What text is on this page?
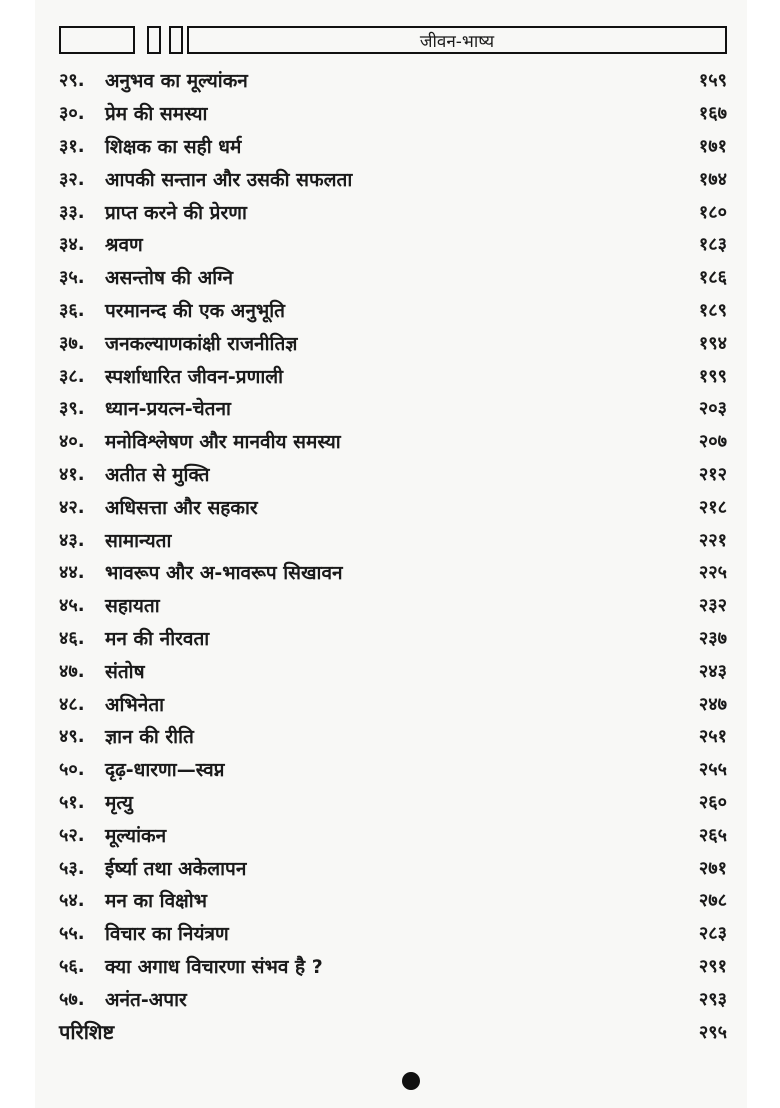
जीवन-भाष्य
२९.	अनुभव का मूल्यांकन	१५९
३०.	प्रेम की समस्या	१६७
३१.	शिक्षक का सही धर्म	१७१
३२.	आपकी सन्तान और उसकी सफलता	१७४
३३.	प्राप्त करने की प्रेरणा	१८०
३४.	श्रवण	१८३
३५.	असन्तोष की अग्नि	१८६
३६.	परमानन्द की एक अनुभूति	१८९
३७.	जनकल्याणकांक्षी राजनीतिज्ञ	१९४
३८.	स्पर्शाधारित जीवन-प्रणाली	१९९
३९.	ध्यान-प्रयत्न-चेतना	२०३
४०.	मनोविश्लेषण और मानवीय समस्या	२०७
४१.	अतीत से मुक्ति	२१२
४२.	अधिसत्ता और सहकार	२१८
४३.	सामान्यता	२२१
४४.	भावरूप और अ-भावरूप सिखावन	२२५
४५.	सहायता	२३२
४६.	मन की नीरवता	२३७
४७.	संतोष	२४३
४८.	अभिनेता	२४७
४९.	ज्ञान की रीति	२५१
५०.	दृढ़-धारणा—स्वप्न	२५५
५१.	मृत्यु	२६०
५२.	मूल्यांकन	२६५
५३.	ईर्ष्या तथा अकेलापन	२७१
५४.	मन का विक्षोभ	२७८
५५.	विचार का नियंत्रण	२८३
५६.	क्या अगाध विचारणा संभव है ?	२९१
५७.	अनंत-अपार	२९३
परिशिष्ट	२९५
